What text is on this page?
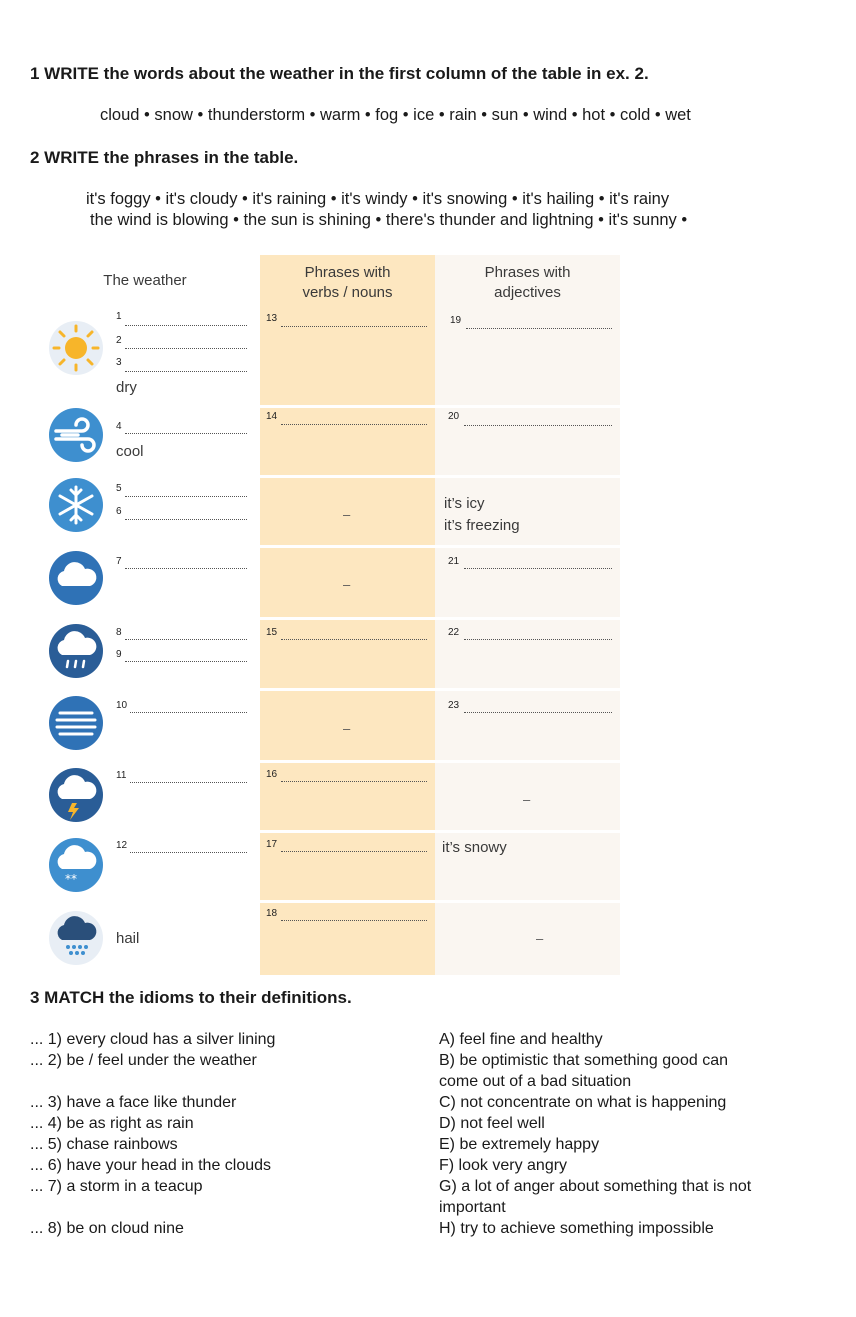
1 WRITE the words about the weather in the first column of the table in ex. 2.
cloud • snow • thunderstorm • warm • fog • ice • rain • sun • wind • hot • cold • wet
2 WRITE the phrases in the table.
it's foggy • it's cloudy • it's raining • it's windy • it's snowing • it's hailing • it's rainy
the wind is blowing • the sun is shining • there's thunder and lightning • it's sunny •
The weather	Phrases with
verbs / nouns
Phrases with
adjectives
1
2
3
dry
4
cool
5
6
7
8
9
10
11
12
hail
13
14
–
–
15
–
16
17
18
19
20
it’s icy
it’s freezing
21
22
23
–
it’s snowy
–
**
3 MATCH the idioms to their definitions.
... 1) every cloud has a silver lining
... 2) be / feel under the weather
... 3) have a face like thunder
... 4) be as right as rain
... 5) chase rainbows
... 6) have your head in the clouds
... 7) a storm in a teacup
... 8) be on cloud nine
A) feel fine and healthy
B) be optimistic that something good can
come out of a bad situation
C) not concentrate on what is happening
D) not feel well
E) be extremely happy
F) look very angry
G) a lot of anger about something that is not
important
H) try to achieve something impossible
